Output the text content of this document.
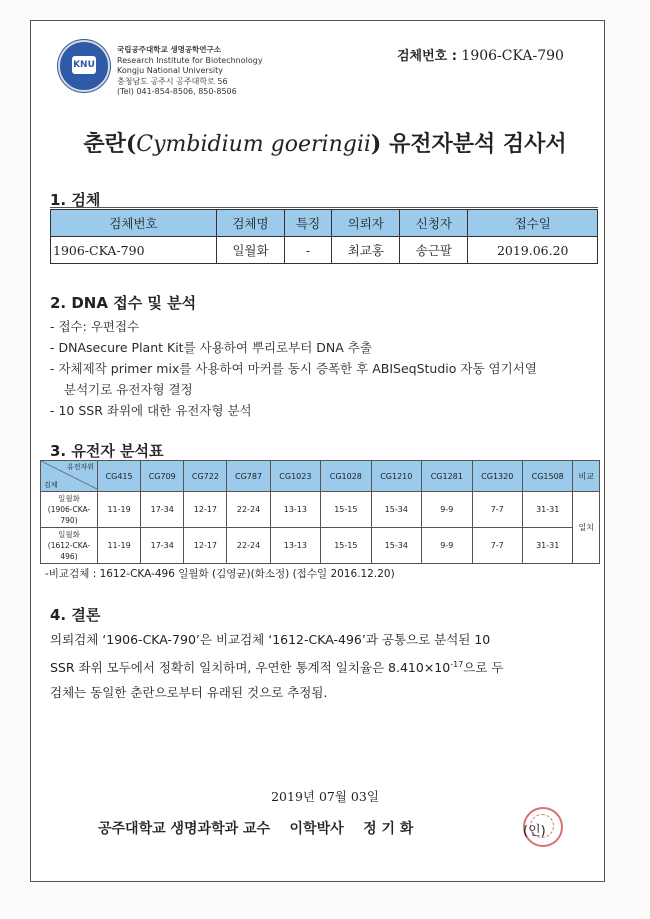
KNU
국립공주대학교 생명공학연구소
Research Institute for Biotechnology
Kongju National University
충청남도 공주시 공주대학로 56
(Tel) 041-854-8506, 850-8506
검체번호 : 1906-CKA-790
춘란(Cymbidium goeringii) 유전자분석 검사서
1. 검체
검체번호	검체명	특징	의뢰자	신청자	접수일
1906-CKA-790	일월화	-	최교홍	송근팔	2019.06.20
2. DNA 접수 및 분석
- 접수: 우편접수
- DNAsecure Plant Kit를 사용하여 뿌리로부터 DNA 추출
- 자체제작 primer mix를 사용하여 마커를 동시 증폭한 후 ABISeqStudio 자동 염기서열
분석기로 유전자형 결정
- 10 SSR 좌위에 대한 유전자형 분석
3. 유전자 분석표
유전자위
검체	CG415	CG709	CG722	CG787	CG1023	CG1028	CG1210	CG1281	CG1320	CG1508	비교
일월화
(1906-CKA-790)	11-19	17-34	12-17	22-24	13-13	15-15	15-34	9-9	7-7	31-31	일치
일월화
(1612-CKA-496)	11-19	17-34	12-17	22-24	13-13	15-15	15-34	9-9	7-7	31-31	
-비교검체 : 1612-CKA-496 일월화 (김영균)(화소정) (접수일 2016.12.20)
4. 결론
의뢰검체 ‘1906-CKA-790’은 비교검체 ‘1612-CKA-496’과 공통으로 분석된 10
SSR 좌위 모두에서 정확히 일치하며, 우연한 통계적 일치율은 $8.410\times 10^{-17}$으로 두
검체는 동일한 춘란으로부터 유래된 것으로 추정됨.
2019년 07월 03일
공주대학교 생명과학과 교수    이학박사    정 기 화	(인)
